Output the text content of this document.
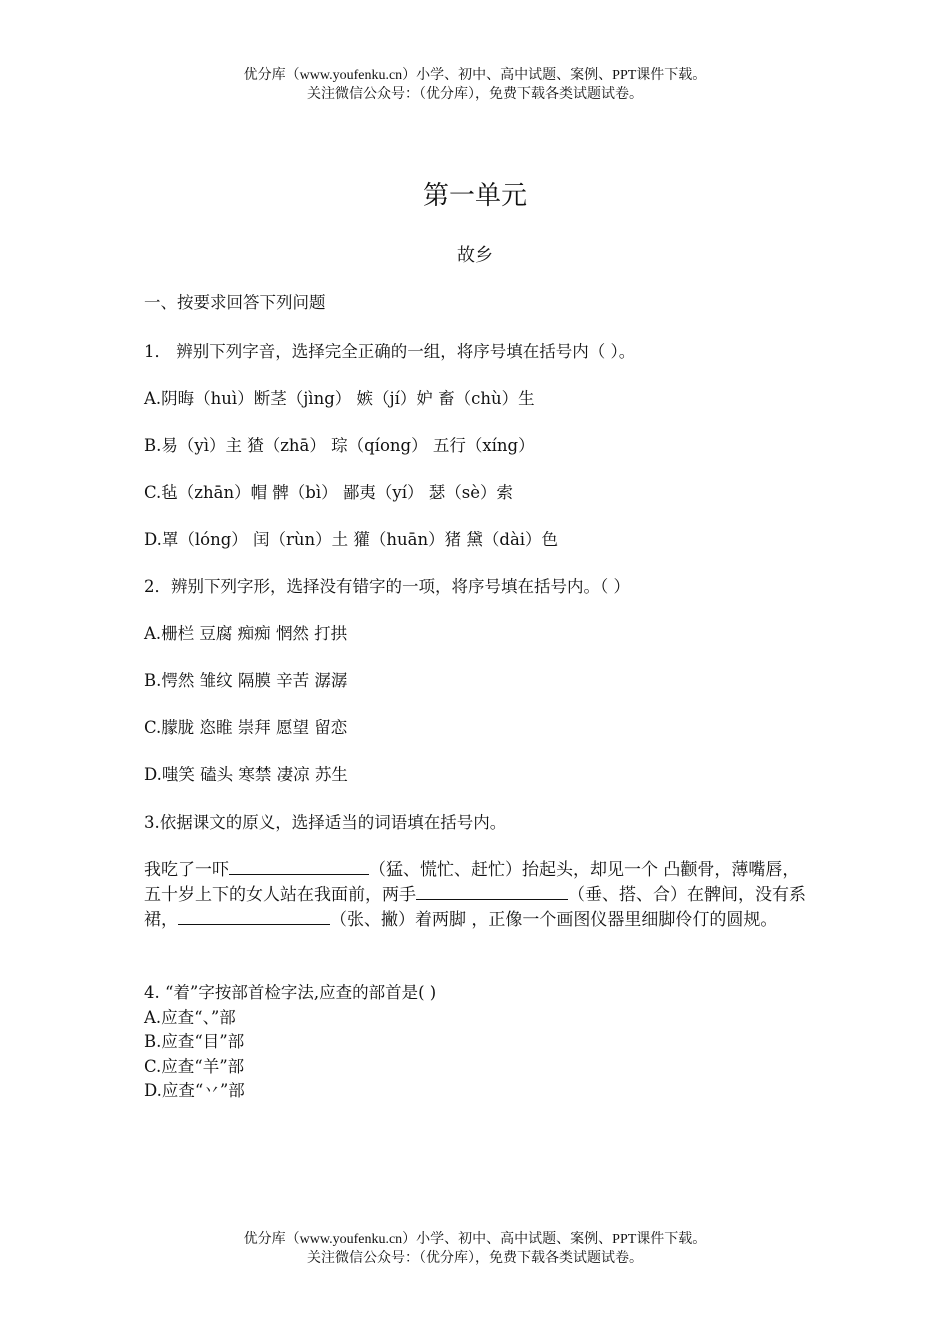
优分库（www.youfenku.cn）小学、初中、高中试题、案例、PPT课件下载。
关注微信公众号：（优分库），免费下载各类试题试卷。
第一单元
故乡
一、按要求回答下列问题
1． 辨别下列字音，选择完全正确的一组，将序号填在括号内（ ）。
A.阴晦（huì）断茎（jìng） 嫉（jí）妒 畜（chù）生
B.易（yì）主 猹（zhā） 琮（qíong） 五行（xíng）
C.毡（zhān）帽 髀（bì） 鄙夷（yí） 瑟（sè）索
D.罩（lóng） 闰（rùn）土 獾（huān）猪 黛（dài）色
2．辨别下列字形，选择没有错字的一项，将序号填在括号内。（ ）
A.栅栏 豆腐 痴痴 惘然 打拱
B.愕然 雏纹 隔膜 辛苦 潺潺
C.朦胧 恣睢 崇拜 愿望 留恋
D.嗤笑 磕头 寒禁 凄凉 苏生
3.依据课文的原义，选择适当的词语填在括号内。
我吃了一吓	（猛、慌忙、赶忙）抬起头，却见一个 凸颧骨，薄嘴唇，五十岁上下的女人站在我面前，两手	（垂、搭、合）在髀间，没有系裙，	（张、撇）着两脚 ，正像一个画图仪器里细脚伶仃的圆规。
4. “着”字按部首检字法,应查的部首是( )
A.应查“、”部
B.应查“目”部
C.应查“羊”部
D.应查“丷”部
优分库（www.youfenku.cn）小学、初中、高中试题、案例、PPT课件下载。
关注微信公众号：（优分库），免费下载各类试题试卷。
